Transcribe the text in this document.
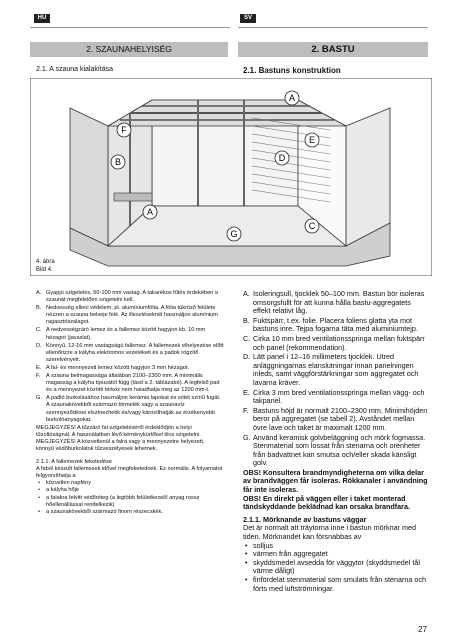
HU	SV
2. SZAUNAHELYISÉG	2. BASTU
2.1. A szauna kialakítása	2.1. Bastuns konstruktion
A
F
E
D
B
A
C
G
4. ábra
Bild 4.
A. Gyapjú szigetelés, 50-100 mm vastag. A takarékos fűtés érdekében a szaunát megfelelően szigetelni kell.
B. Nedvesség elleni védelem, pl. alumíniumfólia. A fólia tükröző felülete nézzen a szauna belseje felé. Az illesztéseknél használjon alumínium ragasztószalagot.
C. A nedvességzáró lemez és a fallemez között hagyjon kb. 10 mm hézagot (javaslat).
D. Könnyű, 12-16 mm vastagságú fallemez. A fallemezek elhelyezése előtt ellenőrizze a kályha elektromos vezetékeit és a padok rögzítő szerelvényeit.
E. A fal- és mennyezeti lemez között hagyjon 3 mm hézagot.
F. A szauna belmagassága általában 2100–2300 mm. A minimális magasság a kályha típusától függ (lásd a 2. táblázatot). A legfelső pad és a mennyezet közötti térköz nem haladhatja meg az 1200 mm-t.
G. A padló burkolásához használjon kerámia lapokat és sötét színű fugát. A szaunakövekből származó törmelék vagy a szaunavíz szennyeződései elszínezhetik és/vagy károsíthatják az érzékenyebb burkolóanyagokat.
MEGJEGYZÉS! A tűzzáró fal szigeteléséről érdeklődjön a helyi tűzoltóságnál. A használatban lévő kéménykürtőket tilos szigetelni.
MEGJEGYZÉS! A közvetlenül a falra vagy a mennyezetre helyezett, könnyű védőburkolatok tűzveszélyesek lehetnek.
2.1.1. A fallemezek feketedése
A faból készült fallemezek idővel megfeketednek. Ez normális. A folyamatot felgyorsíthatja a
• közvetlen napfény
• a kályha hője
• a falakra felvitt védőréteg (a legtöbb felületkezelő anyag rossz hőellenállással rendelkezik)
• a szaunakövekből származó finom részecskék.
A. Isoleringsull, tjocklek 50–100 mm. Bastun bör isoleras omsorgsfullt för att kunna hålla bastu-aggregatets effekt relativt låg.
B. Fuktspärr, t.ex. folie. Placera foliens glatta yta mot bastuns inre. Tejpa fogarna täta med aluminiumtejp.
C. Cirka 10 mm bred ventilationsspringa mellan fuktspärr och panel (rekommendation).
D. Lätt panel i 12–16 millimeters tjocklek. Utred anläggningarnas elanslutningar innan panelningen inleds, samt väggförstärkningar som aggregatet och lavarna kräver.
E. Cirka 3 mm bred ventilationsspringa mellan vägg- och takpanel.
F. Bastuns höjd är normalt 2100–2300 mm. Minimihöjden beror på aggregatet (se tabell 2). Avståndet mellan övre lave och taket är maximalt 1200 mm.
G. Använd keramisk golvbeläggning och mörk fogmassa. Stenmaterial som lossat från stenarna och orenheter från badvattnet kan smutsa och/eller skada känsligt golv.
OBS! Konsultera brandmyndigheterna om vilka delar av brandväggen får isoleras. Rökkanaler i användning får inte isoleras.
OBS! En direkt på väggen eller i taket monterad tändskyddande beklädnad kan orsaka brandfara.
2.1.1. Mörknande av bastuns väggar
Det är normalt att träytorna inne i bastun mörknar med tiden. Mörknandet kan försnabbas av
• solljus
• värmen från aggregatet
• skyddsmedel avsedda för väggytor (skyddsmedel tål värme dåligt)
• finfördelat stenmaterial som smulats från stenarna och förts med luftströmningar.
27
